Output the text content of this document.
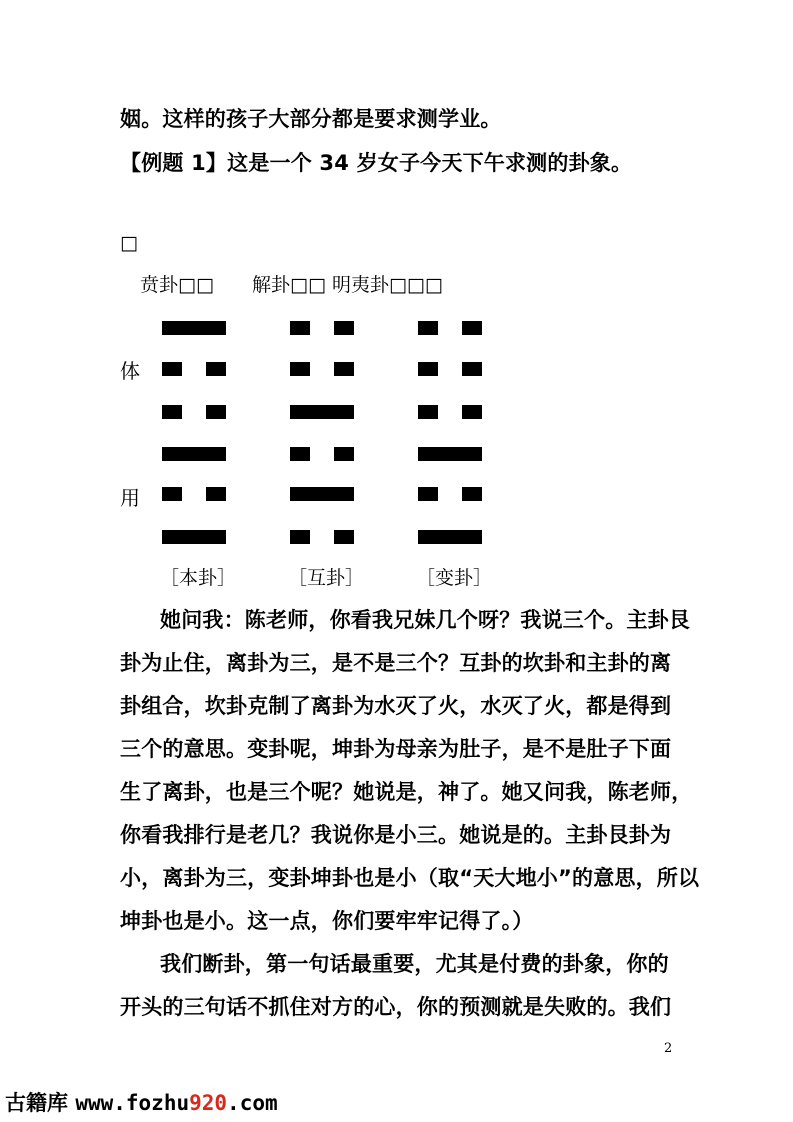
姻。这样的孩子大部分都是要求测学业。
【例题 1】这是一个 34 岁女子今天下午求测的卦象。
□
贲卦□□ 解卦□□ 明夷卦□□□
体
用
［本卦］	［互卦］	［变卦］
她问我：陈老师，你看我兄妹几个呀？我说三个。主卦艮
卦为止住，离卦为三，是不是三个？互卦的坎卦和主卦的离
卦组合，坎卦克制了离卦为水灭了火，水灭了火，都是得到
三个的意思。变卦呢，坤卦为母亲为肚子，是不是肚子下面
生了离卦，也是三个呢？她说是，神了。她又问我，陈老师，
你看我排行是老几？我说你是小三。她说是的。主卦艮卦为
小，离卦为三，变卦坤卦也是小（取“天大地小”的意思，所以
坤卦也是小。这一点，你们要牢牢记得了。）
我们断卦，第一句话最重要，尤其是付费的卦象，你的
开头的三句话不抓住对方的心，你的预测就是失败的。我们
2
古籍库 www.fozhu920.com
